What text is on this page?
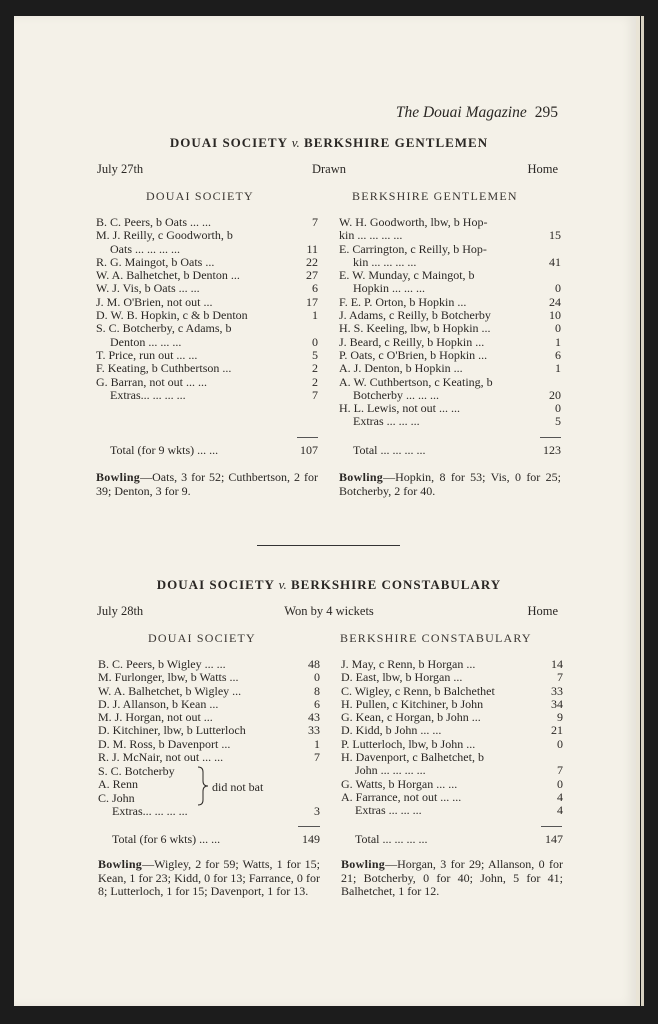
The Douai Magazine 295
DOUAI SOCIETY v. BERKSHIRE GENTLEMEN
July 27th	Drawn	Home
DOUAI SOCIETY	BERKSHIRE GENTLEMEN
B. C. Peers, b Oats ... ...	7
M. J. Reilly, c Goodworth, b
Oats ... ... ... ...	11
R. G. Maingot, b Oats ...	22
W. A. Balhetchet, b Denton ...	27
W. J. Vis, b Oats ... ...	6
J. M. O'Brien, not out ...	17
D. W. B. Hopkin, c & b Denton	1
S. C. Botcherby, c Adams, b
Denton ... ... ...	0
T. Price, run out ... ...	5
F. Keating, b Cuthbertson ...	2
G. Barran, not out ... ...	2
Extras... ... ... ...	7
W. H. Goodworth, lbw, b Hop-
kin ... ... ... ...	15
E. Carrington, c Reilly, b Hop-
kin ... ... ... ...	41
E. W. Munday, c Maingot, b
Hopkin ... ... ...	0
F. E. P. Orton, b Hopkin ...	24
J. Adams, c Reilly, b Botcherby	10
H. S. Keeling, lbw, b Hopkin ...	0
J. Beard, c Reilly, b Hopkin ...	1
P. Oats, c O'Brien, b Hopkin ...	6
A. J. Denton, b Hopkin ...	1
A. W. Cuthbertson, c Keating, b
Botcherby ... ... ...	20
H. L. Lewis, not out ... ...	0
Extras ... ... ...	5
Total (for 9 wkts) ... ...	107	Total ... ... ... ...	123
Bowling—Oats, 3 for 52; Cuthbertson, 2 for 39; Denton, 3 for 9.
Bowling—Hopkin, 8 for 53; Vis, 0 for 25; Botcherby, 2 for 40.
DOUAI SOCIETY v. BERKSHIRE CONSTABULARY
July 28th	Won by 4 wickets	Home
DOUAI SOCIETY	BERKSHIRE CONSTABULARY
B. C. Peers, b Wigley ... ...	48
M. Furlonger, lbw, b Watts ...	0
W. A. Balhetchet, b Wigley ...	8
D. J. Allanson, b Kean ...	6
M. J. Horgan, not out ...	43
D. Kitchiner, lbw, b Lutterloch	33
D. M. Ross, b Davenport ...	1
R. J. McNair, not out ... ...	7
S. C. Botcherby
A. Renn
C. John
did not bat
Extras... ... ... ...	3
J. May, c Renn, b Horgan ...	14
D. East, lbw, b Horgan ...	7
C. Wigley, c Renn, b Balchethet	33
H. Pullen, c Kitchiner, b John	34
G. Kean, c Horgan, b John ...	9
D. Kidd, b John ... ...	21
P. Lutterloch, lbw, b John ...	0
H. Davenport, c Balhetchet, b
John ... ... ... ...	7
G. Watts, b Horgan ... ...	0
A. Farrance, not out ... ...	4
Extras ... ... ...	4
Total (for 6 wkts) ... ...	149	Total ... ... ... ...	147
Bowling—Wigley, 2 for 59; Watts, 1 for 15; Kean, 1 for 23; Kidd, 0 for 13; Farrance, 0 for 8; Lutterloch, 1 for 15; Davenport, 1 for 13.
Bowling—Horgan, 3 for 29; Allanson, 0 for 21; Botcherby, 0 for 40; John, 5 for 41; Balhetchet, 1 for 12.
